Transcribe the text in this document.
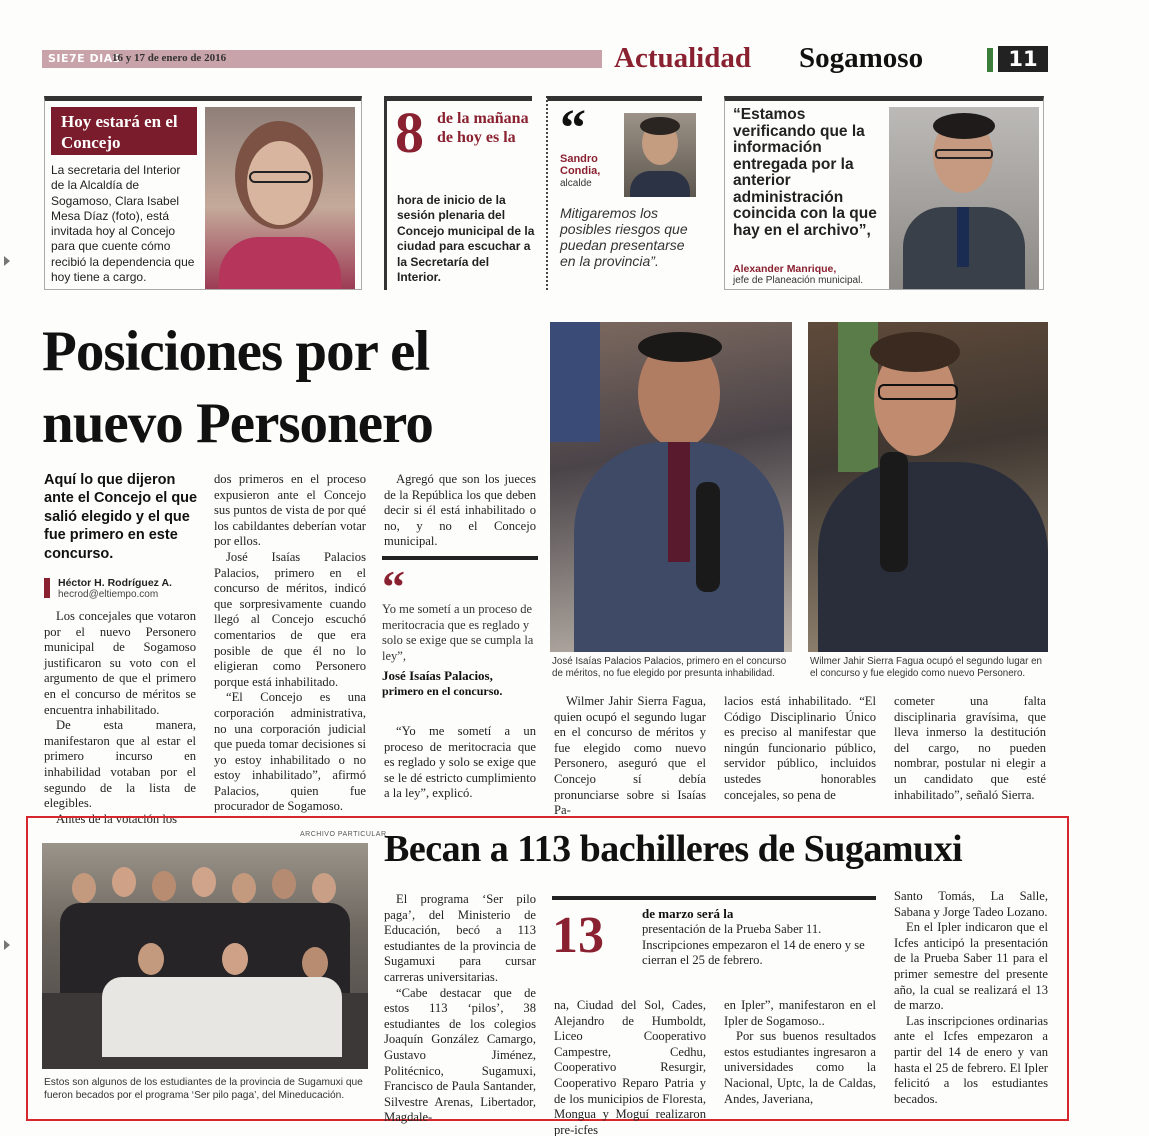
SIE7E DIAS
16 y 17 de enero de 2016	Actualidad Sogamoso	11
Hoy estará en el Concejo
La secretaria del Interior de la Alcaldía de Sogamoso, Clara Isabel Mesa Díaz (foto), está invitada hoy al Concejo para que cuente cómo recibió la dependencia que hoy tiene a cargo.
8 de la mañana de hoy es la
hora de inicio de la sesión plenaria del Concejo municipal de la ciudad para escuchar a la Secretaría del Interior.
“
Sandro Condia,
alcalde
Mitigaremos los posibles riesgos que puedan presentarse en la provincia”.
“Estamos verificando que la información entregada por la anterior administración coincida con la que hay en el archivo”,
Alexander Manrique,
jefe de Planeación municipal.
Posiciones por el nuevo Personero
Aquí lo que dijeron ante el Concejo el que salió elegido y el que fue primero en este concurso.
Héctor H. Rodríguez A.
hecrod@eltiempo.com

Los concejales que votaron por el nuevo Personero municipal de Sogamoso justificaron su voto con el argumento de que el primero en el concurso de méritos se encuentra inhabilitado.

De esta manera, manifestaron que al estar el primero incurso en inhabilidad votaban por el segundo de la lista de elegibles.

Antes de la votación los

dos primeros en el proceso expusieron ante el Concejo sus puntos de vista de por qué los cabildantes deberían votar por ellos.

José Isaías Palacios Palacios, primero en el concurso de méritos, indicó que sorpresivamente cuando llegó al Concejo escuchó comentarios de que era posible de que él no lo eligieran como Personero porque está inhabilitado.

“El Concejo es una corporación administrativa, no una corporación judicial que pueda tomar decisiones si yo estoy inhabilitado o no estoy inhabilitado”, afirmó Palacios, quien fue procurador de Sogamoso.

Agregó que son los jueces de la República los que deben decir si él está inhabilitado o no, y no el Concejo municipal.

“
Yo me sometí a un proceso de meritocracia que es reglado y solo se exige que se cumpla la ley”,
José Isaías Palacios,
primero en el concurso.

“Yo me sometí a un proceso de meritocracia que es reglado y solo se exige que se le dé estricto cumplimiento a la ley”, explicó.

José Isaías Palacios Palacios, primero en el concurso de méritos, no fue elegido por presunta inhabilidad.
Wilmer Jahir Sierra Fagua ocupó el segundo lugar en el concurso y fue elegido como nuevo Personero.

Wilmer Jahir Sierra Fagua, quien ocupó el segundo lugar en el concurso de méritos y fue elegido como nuevo Personero, aseguró que el Concejo sí debía pronunciarse sobre si Isaías Pa-

lacios está inhabilitado. “El Código Disciplinario Único es preciso al manifestar que ningún funcionario público, servidor público, incluidos ustedes honorables concejales, so pena de

cometer una falta disciplinaria gravísima, que lleva inmerso la destitución del cargo, no pueden nombrar, postular ni elegir a un candidato que esté inhabilitado”, señaló Sierra.

ARCHIVO PARTICULAR
Estos son algunos de los estudiantes de la provincia de Sugamuxi que fueron becados por el programa ‘Ser pilo paga’, del Mineducación.
Becan a 113 bachilleres de Sugamuxi

El programa ‘Ser pilo paga’, del Ministerio de Educación, becó a 113 estudiantes de la provincia de Sugamuxi para cursar carreras universitarias.

“Cabe destacar que de estos 113 ‘pilos’, 38 estudiantes de los colegios Joaquín González Camargo, Gustavo Jiménez, Politécnico, Sugamuxi, Francisco de Paula Santander, Silvestre Arenas, Libertador, Magdale-

13	de marzo será la
presentación de la Prueba Saber 11. Inscripciones empezaron el 14 de enero y se cierran el 25 de febrero.

na, Ciudad del Sol, Cades, Alejandro de Humboldt, Liceo Cooperativo Campestre, Cedhu, Cooperativo Resurgir, Cooperativo Reparo Patria y de los municipios de Floresta, Mongua y Moguí realizaron pre-icfes

en Ipler”, manifestaron en el Ipler de Sogamoso..

Por sus buenos resultados estos estudiantes ingresaron a universidades como la Nacional, Uptc, la de Caldas, Andes, Javeriana,

Santo Tomás, La Salle, Sabana y Jorge Tadeo Lozano.

En el Ipler indicaron que el Icfes anticipó la presentación de la Prueba Saber 11 para el primer semestre del presente año, la cual se realizará el 13 de marzo.

Las inscripciones ordinarias ante el Icfes empezaron a partir del 14 de enero y van hasta el 25 de febrero. El Ipler felicitó a los estudiantes becados.
